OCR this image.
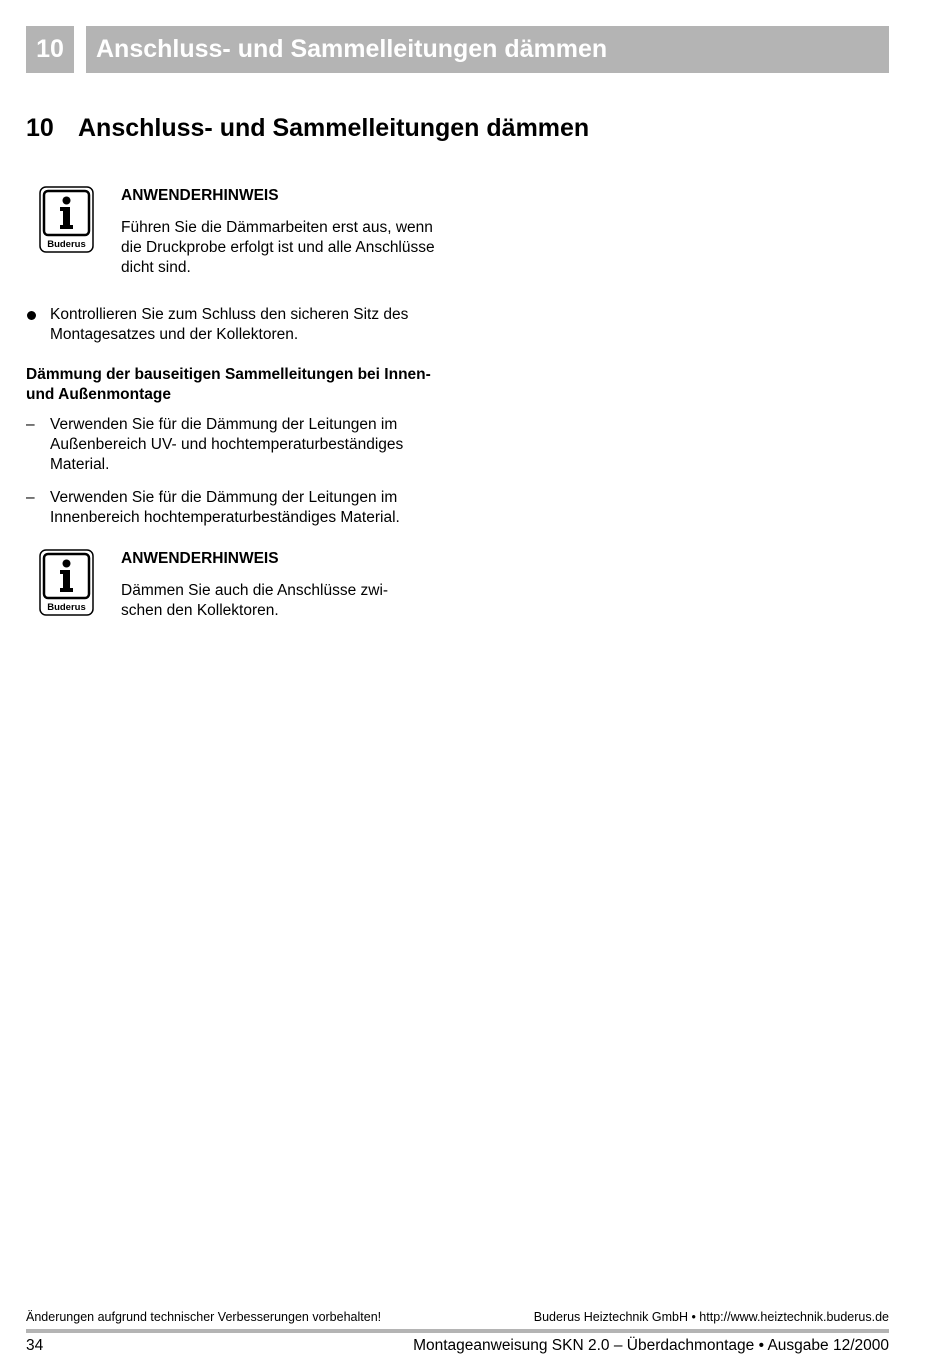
10	Anschluss- und Sammelleitungen dämmen
10 Anschluss- und Sammelleitungen dämmen
Buderus
ANWENDERHINWEIS
Führen Sie die Dämmarbeiten erst aus, wenn die Druckprobe erfolgt ist und alle Anschlüsse dicht sind.
Kontrollieren Sie zum Schluss den sicheren Sitz des Montagesatzes und der Kollektoren.
Dämmung der bauseitigen Sammelleitungen bei Innen- und Außenmontage
– Verwenden Sie für die Dämmung der Leitungen im Außenbereich UV- und hochtemperaturbeständiges Material.
– Verwenden Sie für die Dämmung der Leitungen im Innenbereich hochtemperaturbeständiges Material.
Buderus
ANWENDERHINWEIS
Dämmen Sie auch die Anschlüsse zwi-schen den Kollektoren.
Änderungen aufgrund technischer Verbesserungen vorbehalten!	Buderus Heiztechnik GmbH • http://www.heiztechnik.buderus.de
34	Montageanweisung SKN 2.0 – Überdachmontage • Ausgabe 12/2000
